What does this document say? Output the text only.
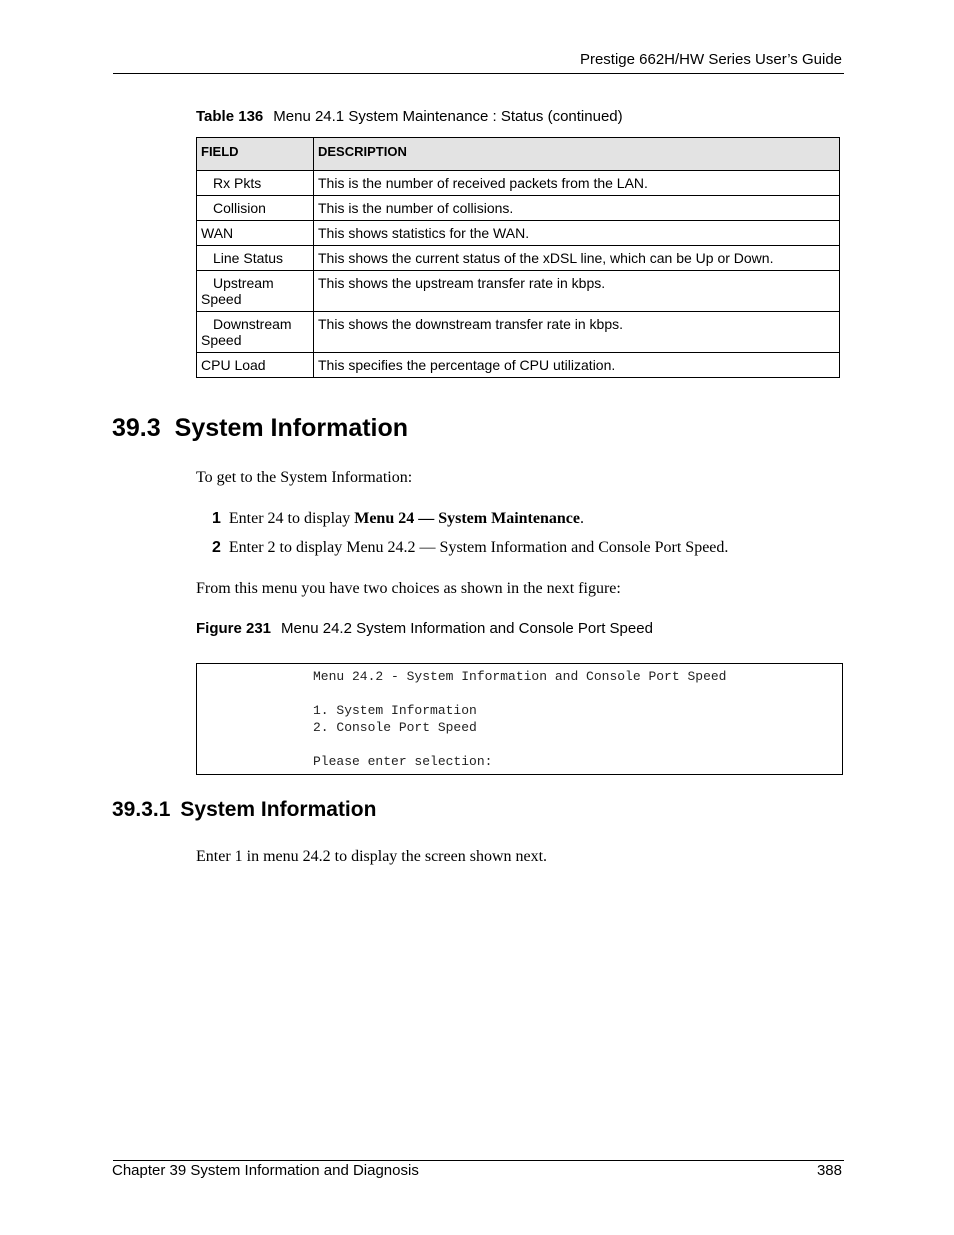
Prestige 662H/HW Series User’s Guide
Table 136 Menu 24.1 System Maintenance : Status (continued)
FIELD	DESCRIPTION
Rx Pkts	This is the number of received packets from the LAN.
Collision	This is the number of collisions.
WAN	This shows statistics for the WAN.
Line Status	This shows the current status of the xDSL line, which can be Up or Down.
Upstream
Speed	This shows the upstream transfer rate in kbps.
Downstream
Speed	This shows the downstream transfer rate in kbps.
CPU Load	This specifies the percentage of CPU utilization.
39.3 System Information
To get to the System Information:
1 Enter 24 to display Menu 24 — System Maintenance.
2 Enter 2 to display Menu 24.2 — System Information and Console Port Speed.
From this menu you have two choices as shown in the next figure:
Figure 231 Menu 24.2 System Information and Console Port Speed
Menu 24.2 - System Information and Console Port Speed
1. System Information
2. Console Port Speed
Please enter selection:
39.3.1 System Information
Enter 1 in menu 24.2 to display the screen shown next.
Chapter 39 System Information and Diagnosis	388
